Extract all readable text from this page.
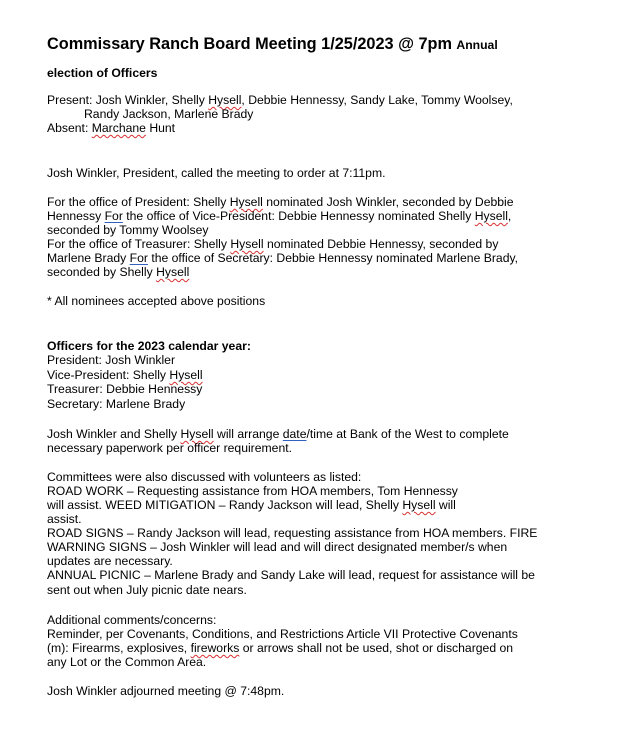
Commissary Ranch Board Meeting 1/25/2023 @ 7pm Annual
election of Officers
Present: Josh Winkler, Shelly Hysell, Debbie Hennessy, Sandy Lake, Tommy Woolsey,
Randy Jackson, Marlene Brady
Absent: Marchane Hunt
Josh Winkler, President, called the meeting to order at 7:11pm.
For the office of President: Shelly Hysell nominated Josh Winkler, seconded by Debbie
Hennessy For the office of Vice-President: Debbie Hennessy nominated Shelly Hysell,
seconded by Tommy Woolsey
For the office of Treasurer: Shelly Hysell nominated Debbie Hennessy, seconded by
Marlene Brady For the office of Secretary: Debbie Hennessy nominated Marlene Brady,
seconded by Shelly Hysell
* All nominees accepted above positions
Officers for the 2023 calendar year:
President: Josh Winkler
Vice-President: Shelly Hysell
Treasurer: Debbie Hennessy
Secretary: Marlene Brady
Josh Winkler and Shelly Hysell will arrange date/time at Bank of the West to complete
necessary paperwork per officer requirement.
Committees were also discussed with volunteers as listed:
ROAD WORK – Requesting assistance from HOA members, Tom Hennessy
will assist. WEED MITIGATION – Randy Jackson will lead, Shelly Hysell will
assist.
ROAD SIGNS – Randy Jackson will lead, requesting assistance from HOA members. FIRE
WARNING SIGNS – Josh Winkler will lead and will direct designated member/s when
updates are necessary.
ANNUAL PICNIC – Marlene Brady and Sandy Lake will lead, request for assistance will be
sent out when July picnic date nears.
Additional comments/concerns:
Reminder, per Covenants, Conditions, and Restrictions Article VII Protective Covenants
(m): Firearms, explosives, fireworks or arrows shall not be used, shot or discharged on
any Lot or the Common Area.
Josh Winkler adjourned meeting @ 7:48pm.
